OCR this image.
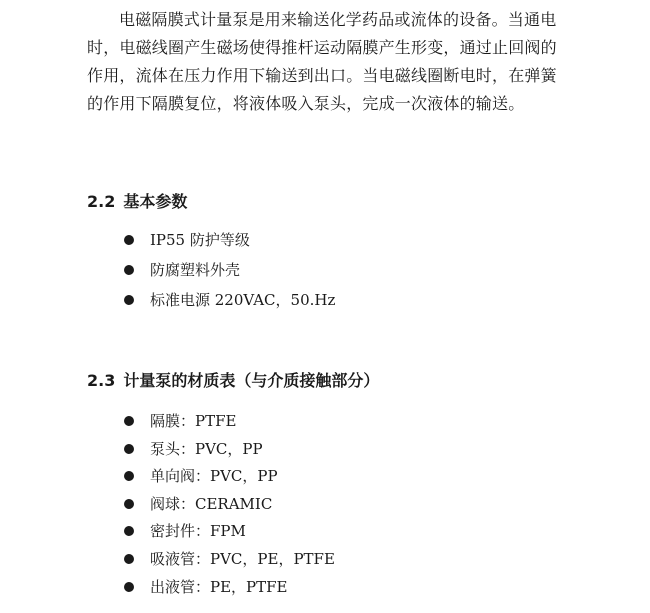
电磁隔膜式计量泵是用来输送化学药品或流体的设备。当通电时，电磁线圈产生磁场使得推杆运动隔膜产生形变，通过止回阀的作用，流体在压力作用下输送到出口。当电磁线圈断电时，在弹簧的作用下隔膜复位，将液体吸入泵头，完成一次液体的输送。

2.2 基本参数
IP55 防护等级
防腐塑料外壳
标准电源 220VAC，50.Hz
2.3 计量泵的材质表（与介质接触部分）
隔膜：PTFE
泵头：PVC，PP
单向阀：PVC，PP
阀球：CERAMIC
密封件：FPM
吸液管：PVC，PE，PTFE
出液管：PE，PTFE
